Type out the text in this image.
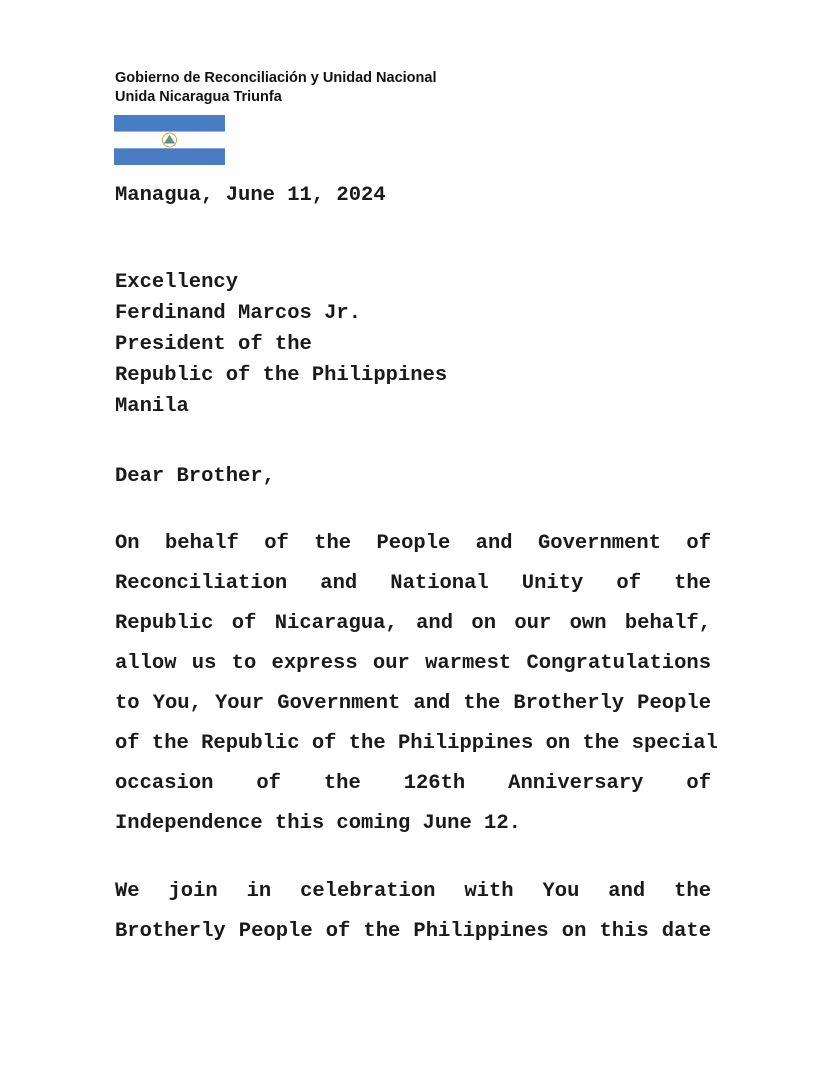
Gobierno de Reconciliación y Unidad Nacional
Unida Nicaragua Triunfa
Managua, June 11, 2024
Excellency
Ferdinand Marcos Jr.
President of the
Republic of the Philippines
Manila
Dear Brother,
On behalf of the People and Government of
Reconciliation and National Unity of the
Republic of Nicaragua, and on our own behalf,
allow us to express our warmest Congratulations
to You, Your Government and the Brotherly People
of the Republic of the Philippines on the special
occasion of the 126th Anniversary of
Independence this coming June 12.
We join in celebration with You and the
Brotherly People of the Philippines on this date
